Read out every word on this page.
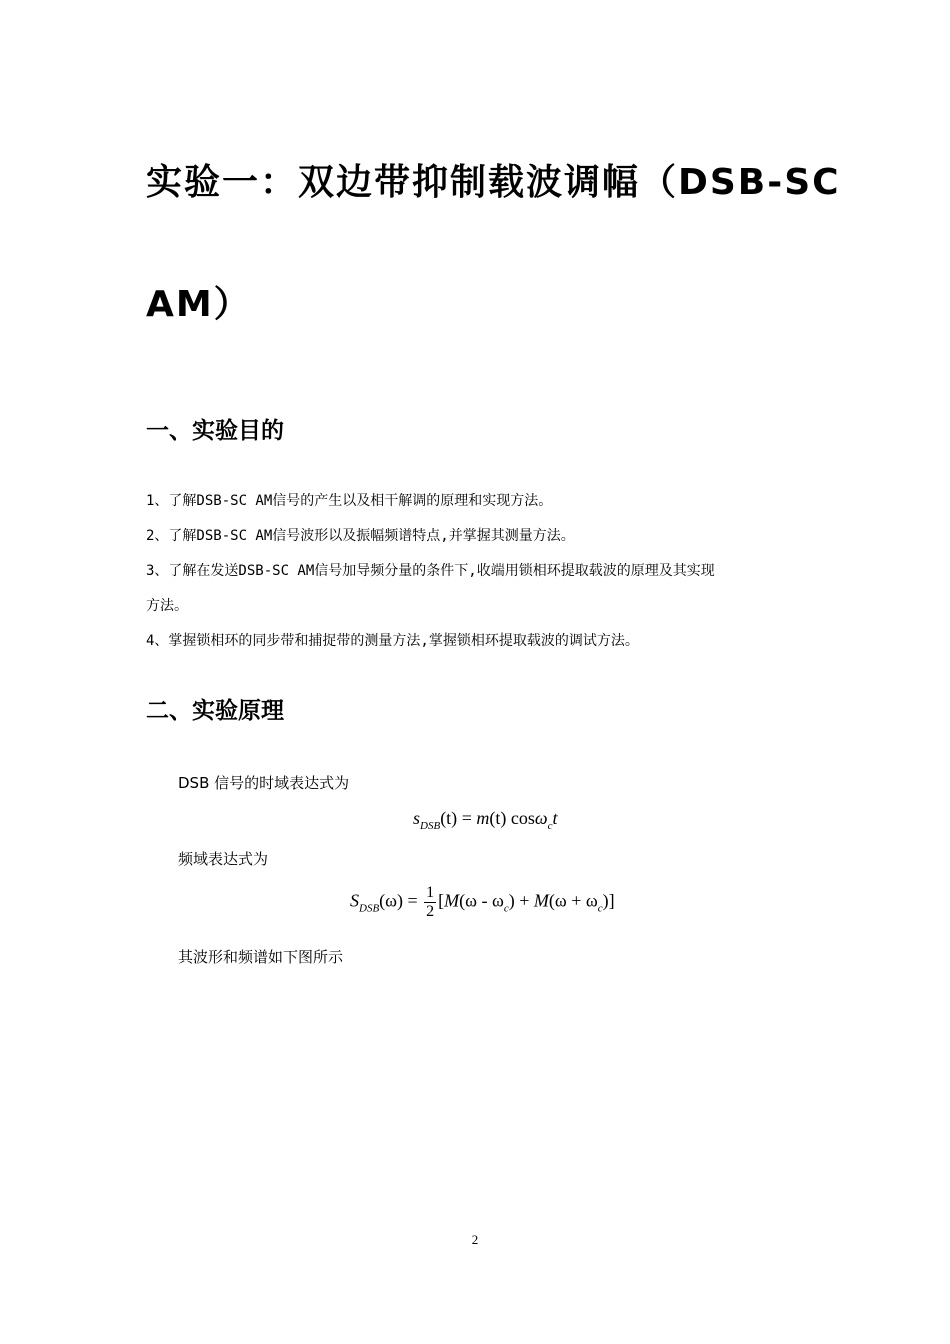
实验一：双边带抑制载波调幅（DSB-SC
AM）
一、实验目的

1、了解DSB-SC AM信号的产生以及相干解调的原理和实现方法。

2、了解DSB-SC AM信号波形以及振幅频谱特点,并掌握其测量方法。

3、了解在发送DSB-SC AM信号加导频分量的条件下,收端用锁相环提取载波的原理及其实现

方法。

4、掌握锁相环的同步带和捕捉带的测量方法,掌握锁相环提取载波的调试方法。

二、实验原理

DSB 信号的时域表达式为

$s_{DSB}(t) = m(t)$ cosω$_c$t

频域表达式为

$S_{DSB}(\omega) = \frac{1}{2} [M(\omega - \omega_c) + M(\omega + \omega_c)]$

其波形和频谱如下图所示

2
